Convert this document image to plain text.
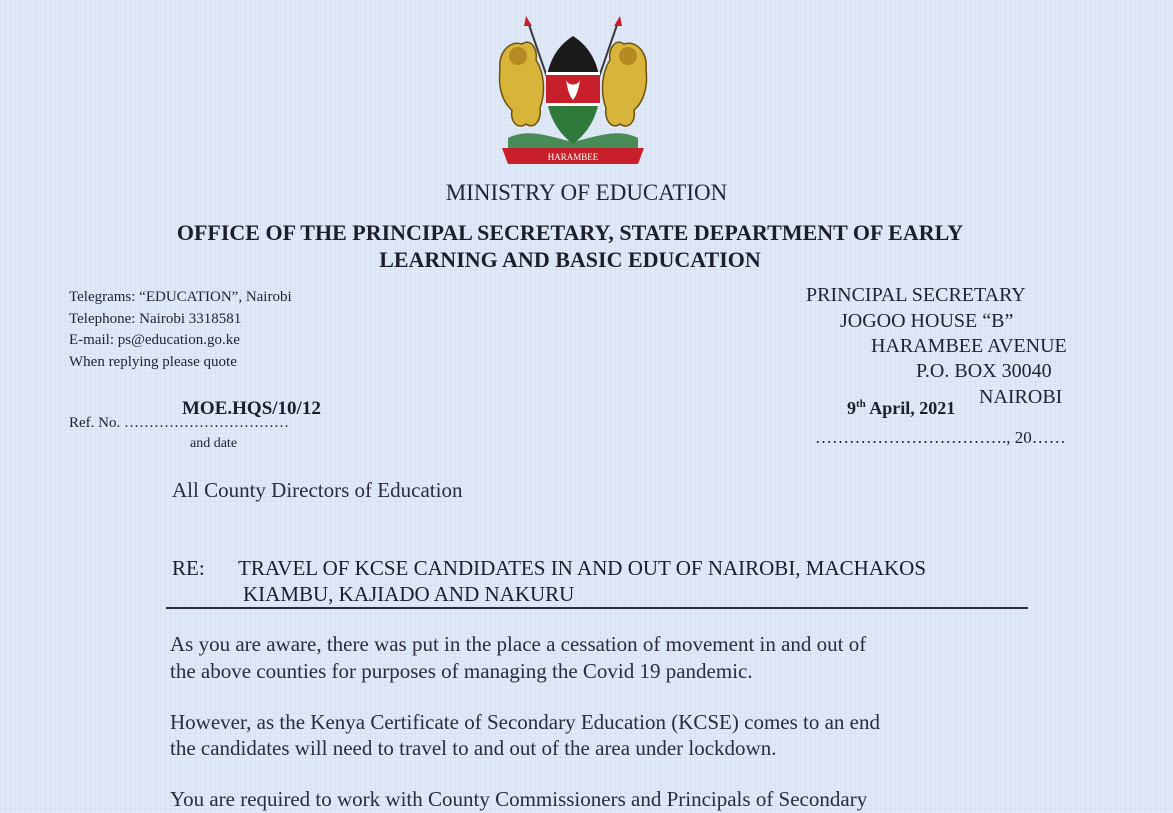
HARAMBEE
MINISTRY OF EDUCATION
OFFICE OF THE PRINCIPAL SECRETARY, STATE DEPARTMENT OF EARLY
LEARNING AND BASIC EDUCATION
Telegrams: “EDUCATION”, Nairobi
Telephone: Nairobi 3318581
E-mail: ps@education.go.ke
When replying please quote
PRINCIPAL SECRETARY
JOGOO HOUSE “B”
HARAMBEE AVENUE
P.O. BOX 30040
NAIROBI
MOE.HQS/10/12
Ref. No. ……………………………
and date
9th April, 2021
……………………………., 20……
All County Directors of Education
RE: TRAVEL OF KCSE CANDIDATES IN AND OUT OF NAIROBI, MACHAKOS
KIAMBU, KAJIADO AND NAKURU
As you are aware, there was put in the place a cessation of movement in and out of
the above counties for purposes of managing the Covid 19 pandemic.
However, as the Kenya Certificate of Secondary Education (KCSE) comes to an end
the candidates will need to travel to and out of the area under lockdown.
You are required to work with County Commissioners and Principals of Secondary
